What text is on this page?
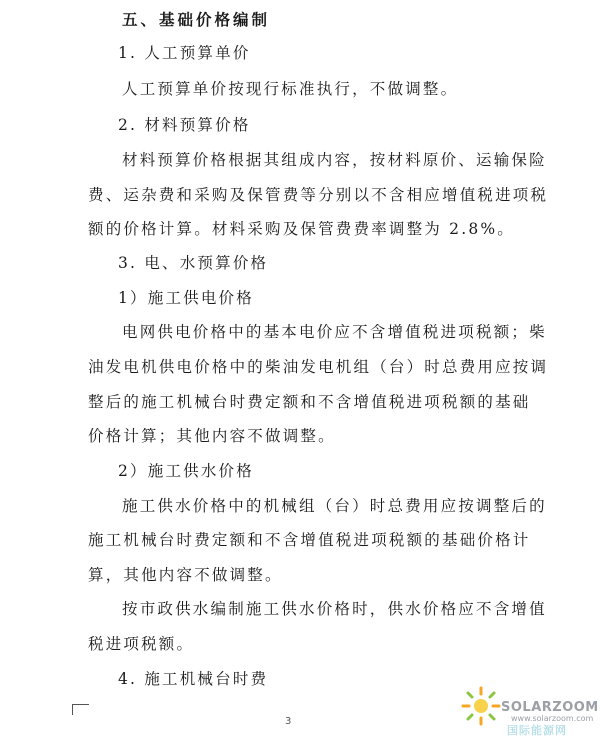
五、基础价格编制
1. 人工预算单价
人工预算单价按现行标准执行，不做调整。
2. 材料预算价格
材料预算价格根据其组成内容，按材料原价、运输保险
费、运杂费和采购及保管费等分别以不含相应增值税进项税
额的价格计算。材料采购及保管费费率调整为 2.8%。
3. 电、水预算价格
1）施工供电价格
电网供电价格中的基本电价应不含增值税进项税额；柴
油发电机供电价格中的柴油发电机组（台）时总费用应按调
整后的施工机械台时费定额和不含增值税进项税额的基础
价格计算；其他内容不做调整。
2）施工供水价格
施工供水价格中的机械组（台）时总费用应按调整后的
施工机械台时费定额和不含增值税进项税额的基础价格计
算，其他内容不做调整。
按市政供水编制施工供水价格时，供水价格应不含增值
税进项税额。
4. 施工机械台时费
3
SOLARZOOM
www.solarzoom.com
国际能源网
